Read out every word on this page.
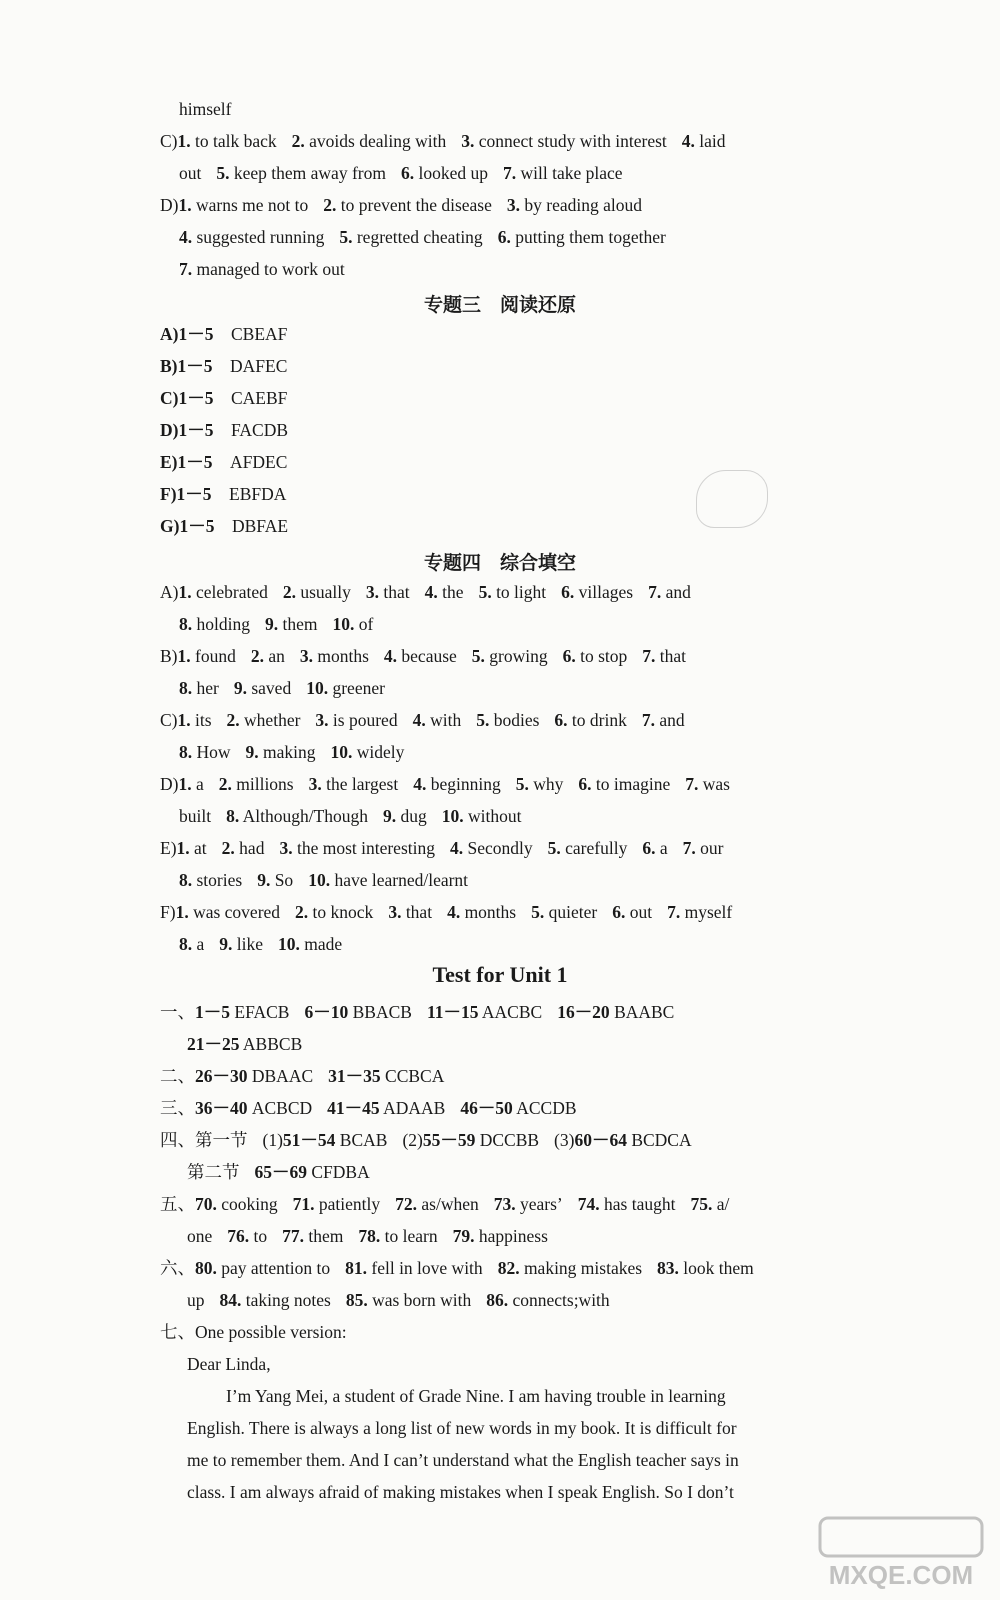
himself
C)1. to talk back 2. avoids dealing with 3. connect study with interest 4. laid
out 5. keep them away from 6. looked up 7. will take place
D)1. warns me not to 2. to prevent the disease 3. by reading aloud
4. suggested running 5. regretted cheating 6. putting them together
7. managed to work out
A)1－5　CBEAF
B)1－5　DAFEC
C)1－5　CAEBF
D)1－5　FACDB
E)1－5　AFDEC
F)1－5　EBFDA
G)1－5　DBFAE
A)1. celebrated 2. usually 3. that 4. the 5. to light 6. villages 7. and
8. holding 9. them 10. of
B)1. found 2. an 3. months 4. because 5. growing 6. to stop 7. that
8. her 9. saved 10. greener
C)1. its 2. whether 3. is poured 4. with 5. bodies 6. to drink 7. and
8. How 9. making 10. widely
D)1. a 2. millions 3. the largest 4. beginning 5. why 6. to imagine 7. was
built 8. Although/Though 9. dug 10. without
E)1. at 2. had 3. the most interesting 4. Secondly 5. carefully 6. a 7. our
8. stories 9. So 10. have learned/learnt
F)1. was covered 2. to knock 3. that 4. months 5. quieter 6. out 7. myself
8. a 9. like 10. made
一、1－5 EFACB 6－10 BBACB 11－15 AACBC 16－20 BAABC
21－25 ABBCB
二、26－30 DBAAC 31－35 CCBCA
三、36－40 ACBCD 41－45 ADAAB 46－50 ACCDB
四、第一节 (1)51－54 BCAB (2)55－59 DCCBB (3)60－64 BCDCA
第二节 65－69 CFDBA
五、70. cooking 71. patiently 72. as/when 73. years’ 74. has taught 75. a/
one 76. to 77. them 78. to learn 79. happiness
六、80. pay attention to 81. fell in love with 82. making mistakes 83. look them
up 84. taking notes 85. was born with 86. connects;with
专题三　阅读还原
专题四　综合填空
Test for Unit 1
七、One possible version:
Dear Linda,
I’m Yang Mei, a student of Grade Nine. I am having trouble in learning
English. There is always a long list of new words in my book. It is difficult for
me to remember them. And I can’t understand what the English teacher says in
class. I am always afraid of making mistakes when I speak English. So I don’t
MXQE.COM
